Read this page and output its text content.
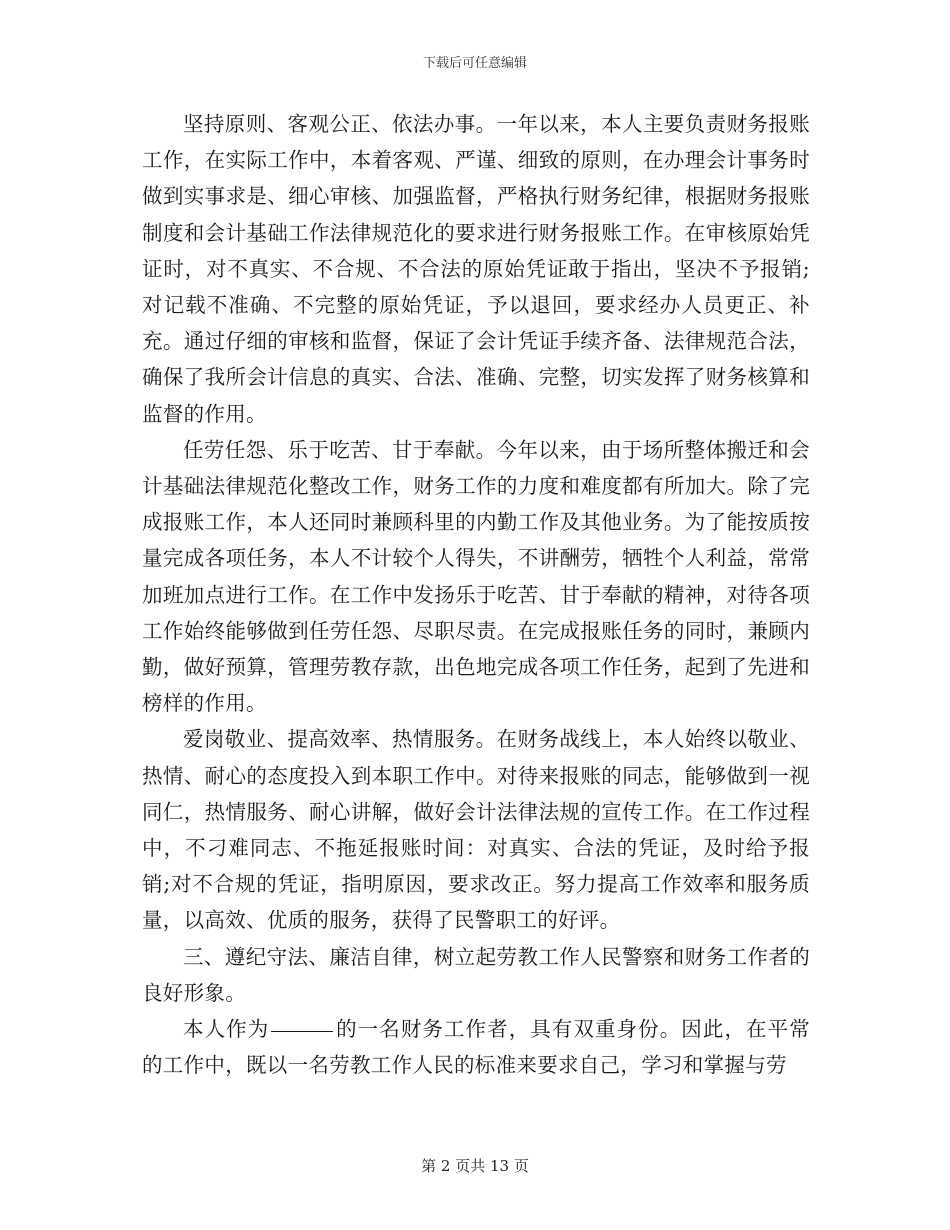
下载后可任意编辑

坚持原则、客观公正、依法办事。一年以来，本人主要负责财务报账工作，在实际工作中，本着客观、严谨、细致的原则，在办理会计事务时做到实事求是、细心审核、加强监督，严格执行财务纪律，根据财务报账制度和会计基础工作法律规范化的要求进行财务报账工作。在审核原始凭证时，对不真实、不合规、不合法的原始凭证敢于指出，坚决不予报销;对记载不准确、不完整的原始凭证，予以退回，要求经办人员更正、补充。通过仔细的审核和监督，保证了会计凭证手续齐备、法律规范合法，确保了我所会计信息的真实、合法、准确、完整，切实发挥了财务核算和监督的作用。

任劳任怨、乐于吃苦、甘于奉献。今年以来，由于场所整体搬迁和会计基础法律规范化整改工作，财务工作的力度和难度都有所加大。除了完成报账工作，本人还同时兼顾科里的内勤工作及其他业务。为了能按质按量完成各项任务，本人不计较个人得失，不讲酬劳，牺牲个人利益，常常加班加点进行工作。在工作中发扬乐于吃苦、甘于奉献的精神，对待各项工作始终能够做到任劳任怨、尽职尽责。在完成报账任务的同时，兼顾内勤，做好预算，管理劳教存款，出色地完成各项工作任务，起到了先进和榜样的作用。

爱岗敬业、提高效率、热情服务。在财务战线上，本人始终以敬业、热情、耐心的态度投入到本职工作中。对待来报账的同志，能够做到一视同仁，热情服务、耐心讲解，做好会计法律法规的宣传工作。在工作过程中，不刁难同志、不拖延报账时间：对真实、合法的凭证，及时给予报销;对不合规的凭证，指明原因，要求改正。努力提高工作效率和服务质量，以高效、优质的服务，获得了民警职工的好评。

三、遵纪守法、廉洁自律，树立起劳教工作人民警察和财务工作者的良好形象。

本人作为	的一名财务工作者，具有双重身份。因此，在平常的工作中，既以一名劳教工作人民的标准来要求自己，学习和掌握与劳

第 2 页共 13 页
